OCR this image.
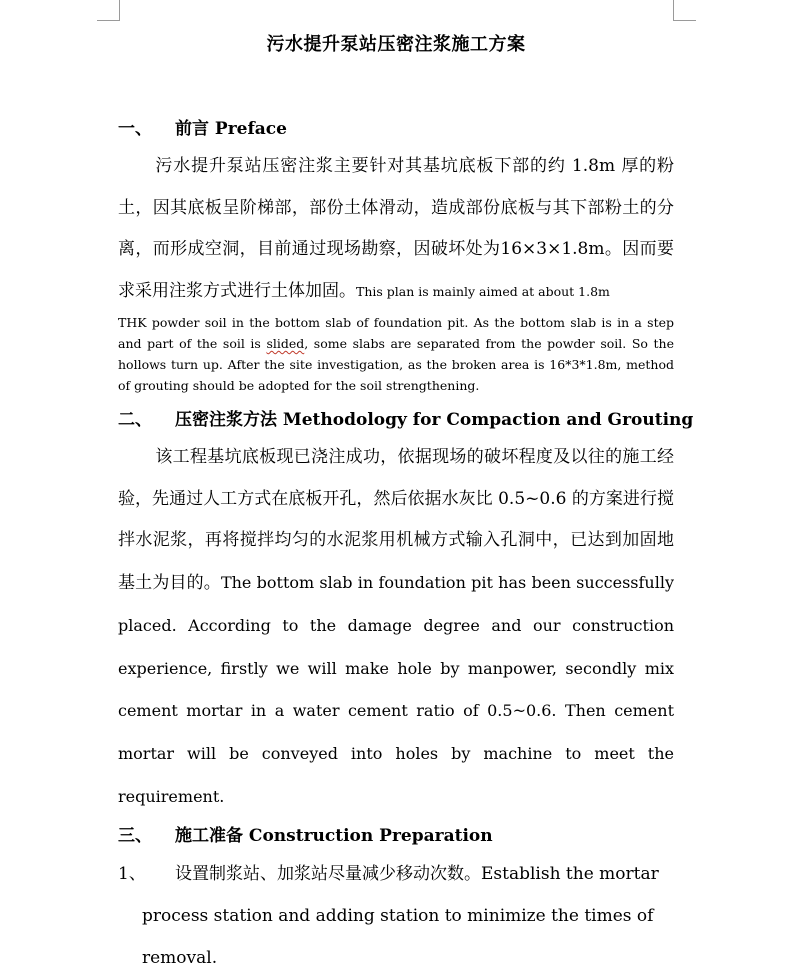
污水提升泵站压密注浆施工方案
一、 前言 Preface

污水提升泵站压密注浆主要针对其基坑底板下部的约 1.8m 厚的粉土，因其底板呈阶梯部，部份土体滑动，造成部份底板与其下部粉土的分离，而形成空洞，目前通过现场勘察，因破坏处为16×3×1.8m。因而要求采用注浆方式进行土体加固。This plan is mainly aimed at about 1.8m

THK powder soil in the bottom slab of foundation pit. As the bottom slab is in a step and part of the soil is slided, some slabs are separated from the powder soil. So the hollows turn up. After the site investigation, as the broken area is 16*3*1.8m, method of grouting should be adopted for the soil strengthening.

二、 压密注浆方法 Methodology for Compaction and Grouting

该工程基坑底板现已浇注成功，依据现场的破坏程度及以往的施工经验，先通过人工方式在底板开孔，然后依据水灰比 0.5~0.6 的方案进行搅拌水泥浆，再将搅拌均匀的水泥浆用机械方式输入孔洞中，已达到加固地基土为目的。The bottom slab in foundation pit has been successfully placed. According to the damage degree and our construction experience, firstly we will make hole by manpower, secondly mix cement mortar in a water cement ratio of 0.5~0.6. Then cement mortar will be conveyed into holes by machine to meet the requirement.

三、 施工准备 Construction Preparation
1、 设置制浆站、加浆站尽量减少移动次数。Establish the mortar
process station and adding station to minimize the times of removal.
